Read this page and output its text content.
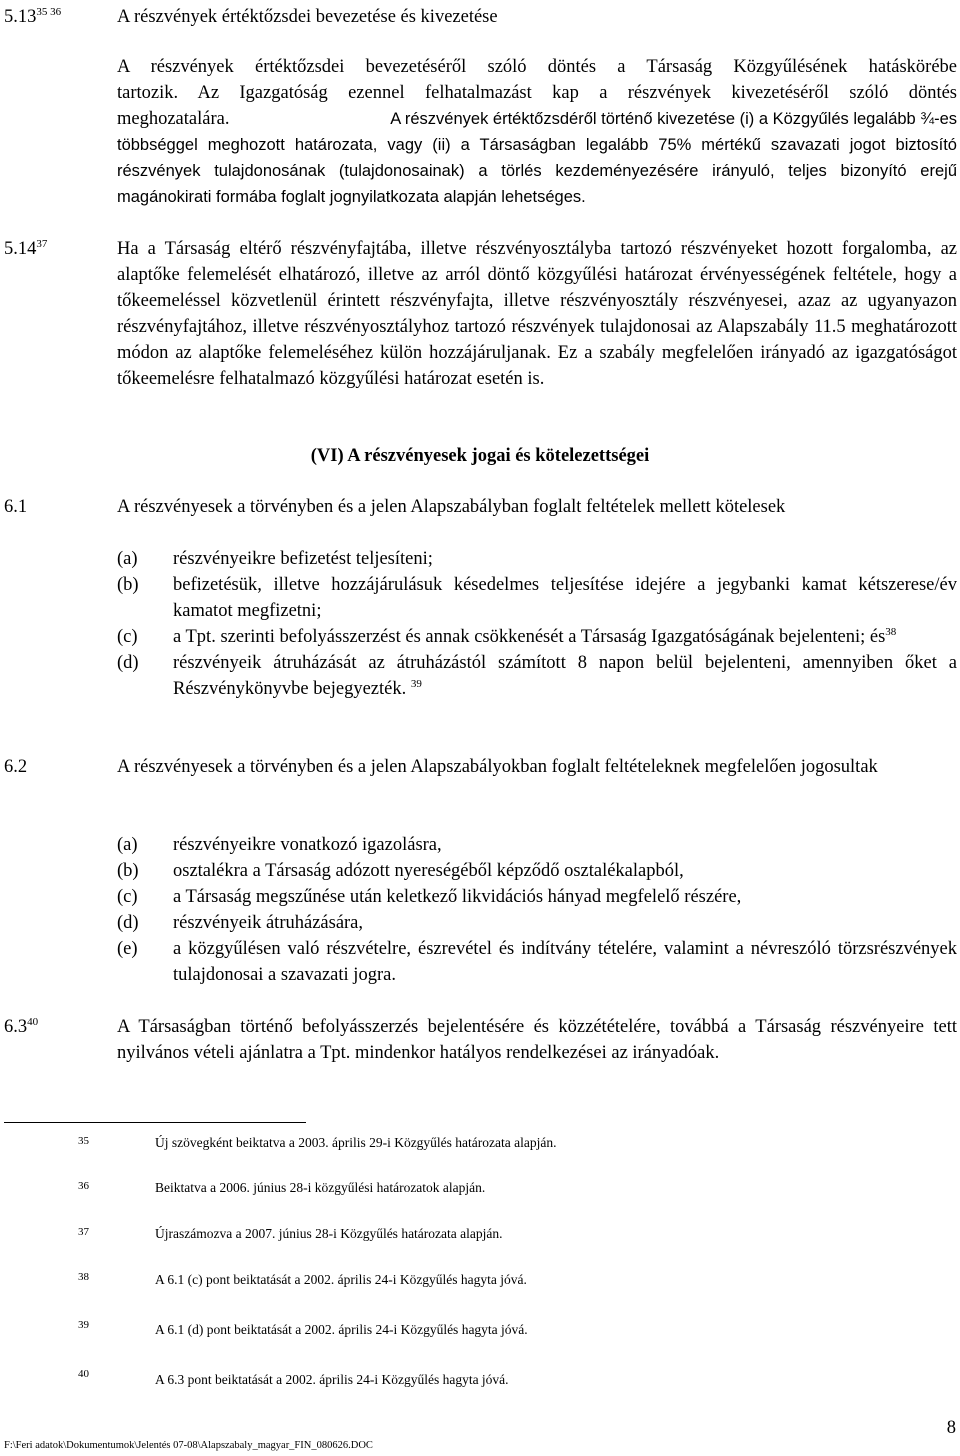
$5.13^{35 36}$	A részvények értéktőzsdei bevezetése és kivezetése
A részvények értéktőzsdei bevezetéséről szóló döntés a Társaság Közgyűlésének hatáskörébe
tartozik. Az Igazgatóság ezennel felhatalmazást kap a részvények kivezetéséről szóló döntés
meghozatalára.	A részvények értéktőzsdéről történő kivezetése (i) a Közgyűlés legalább ¾-es
többséggel meghozott határozata, vagy (ii) a Társaságban legalább 75% mértékű szavazati jogot biztosító részvények tulajdonosának (tulajdonosainak) a törlés kezdeményezésére irányuló, teljes bizonyító erejű magánokirati formába foglalt jognyilatkozata alapján lehetséges.
5.14$^{37}$	Ha a Társaság eltérő részvényfajtába, illetve részvényosztályba tartozó részvényeket hozott forgalomba, az alaptőke felemelését elhatározó, illetve az arról döntő közgyűlési határozat érvényességének feltétele, hogy a tőkeemeléssel közvetlenül érintett részvényfajta, illetve részvényosztály részvényesei, azaz az ugyanyazon részvényfajtához, illetve részvényosztályhoz tartozó részvények tulajdonosai az Alapszabály 11.5 meghatározott módon az alaptőke felemeléséhez külön hozzájáruljanak. Ez a szabály megfelelően irányadó az igazgatóságot tőkeemelésre felhatalmazó közgyűlési határozat esetén is.
(VI) A részvényesek jogai és kötelezettségei
6.1	A részvényesek a törvényben és a jelen Alapszabályban foglalt feltételek mellett kötelesek
(a)	részvényeikre befizetést teljesíteni;
(b)	befizetésük, illetve hozzájárulásuk késedelmes teljesítése idejére a jegybanki kamat kétszeresе/év kamatot megfizetni;
(c)	a Tpt. szerinti befolyásszerzést és annak csökkenését a Társaság Igazgatóságának bejelenteni; $és^{38}$
(d)	részvényeik átruházását az átruházástól számított 8 napon belül bejelenteni, amennyiben őket a Részvénykönyvbe bejegyezték. $^{39}$
6.2	A részvényesek a törvényben és a jelen Alapszabályokban foglalt feltételeknek megfelelően jogosultak
(a)	részvényeikre vonatkozó igazolásra,
(b)	osztalékra a Társaság adózott nyereségéből képződő osztalékalapból,
(c)	a Társaság megszűnése után keletkező likvidációs hányad megfelelő részére,
(d)	részvényeik átruházására,
(e)	a közgyűlésen való részvételre, észrevétel és indítvány tételére, valamint a névreszóló törzsrészvények tulajdonosai a szavazati jogra.
$6.3^{40}$	A Társaságban történő befolyásszerzés bejelentésére és közzétételére, továbbá a Társaság részvényeire tett nyilvános vételi ajánlatra a Tpt. mindenkor hatályos rendelkezései az irányadóak.
35	Új szövegként beiktatva a 2003. április 29-i Közgyűlés határozata alapján.
36	Beiktatva a 2006. június 28-i közgyűlési határozatok alapján.
37	Újraszámozva a 2007. június 28-i Közgyűlés határozata alapján.
38	A 6.1 (c) pont beiktatását a 2002. április 24-i Közgyűlés hagyta jóvá.
39	A 6.1 (d) pont beiktatását a 2002. április 24-i Közgyűlés hagyta jóvá.
40	A 6.3 pont beiktatását a 2002. április 24-i Közgyűlés hagyta jóvá.
8
F:\Feri adatok\Dokumentumok\Jelentés 07-08\Alapszabaly_magyar_FIN_080626.DOC
